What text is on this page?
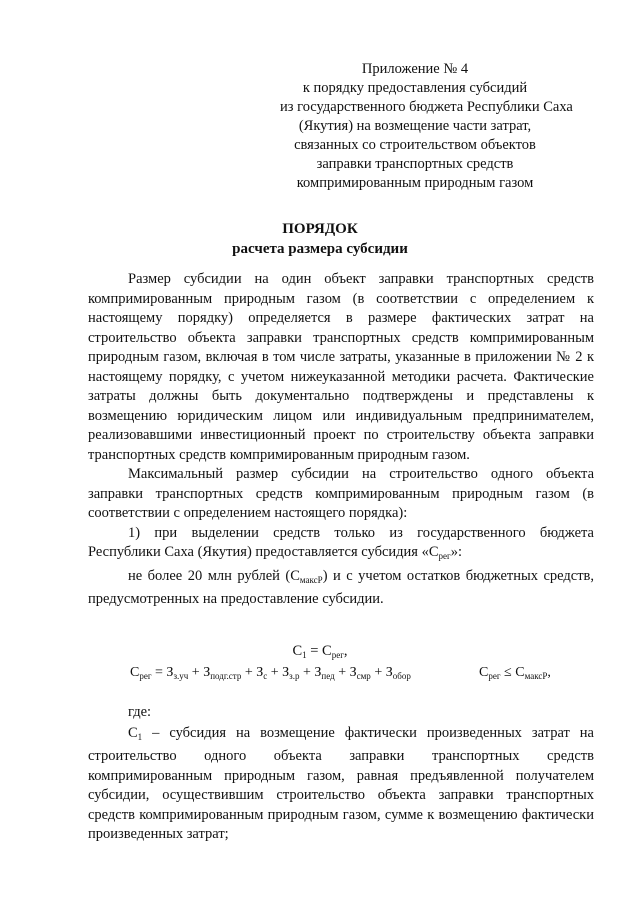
Приложение № 4
к порядку предоставления субсидий
из государственного бюджета Республики Саха
(Якутия) на возмещение части затрат,
связанных со строительством объектов
заправки транспортных средств
компримированным природным газом
ПОРЯДОК
расчета размера субсидии

Размер субсидии на один объект заправки транспортных средств компримированным природным газом (в соответствии с определением к настоящему порядку) определяется в размере фактических затрат на строительство объекта заправки транспортных средств компримированным природным газом, включая в том числе затраты, указанные в приложении № 2 к настоящему порядку, с учетом нижеуказанной методики расчета. Фактические затраты должны быть документально подтверждены и представлены к возмещению юридическим лицом или индивидуальным предпринимателем, реализовавшими инвестиционный проект по строительству объекта заправки транспортных средств компримированным природным газом.

Максимальный размер субсидии на строительство одного объекта заправки транспортных средств компримированным природным газом (в соответствии с определением настоящего порядка):

1) при выделении средств только из государственного бюджета Республики Саха (Якутия) предоставляется субсидия «$С_{рег}$»:

не более 20 млн рублей $(С_{максР})$ и с учетом остатков бюджетных средств, предусмотренных на предоставление субсидии.

$С_1 = С_{рег}$,
$С_{рег} = З_{з.уч} + З_{подг.стр} + З_с + З_{з.р} + З_{пед} + З_{смр} + З_{обор}$	$С_{рег} \le С_{максР}$,

где:

$С_1$ – субсидия на возмещение фактически произведенных затрат на строительство одного объекта заправки транспортных средств компримированным природным газом, равная предъявленной получателем субсидии, осуществившим строительство объекта заправки транспортных средств компримированным природным газом, сумме к возмещению фактически произведенных затрат;
